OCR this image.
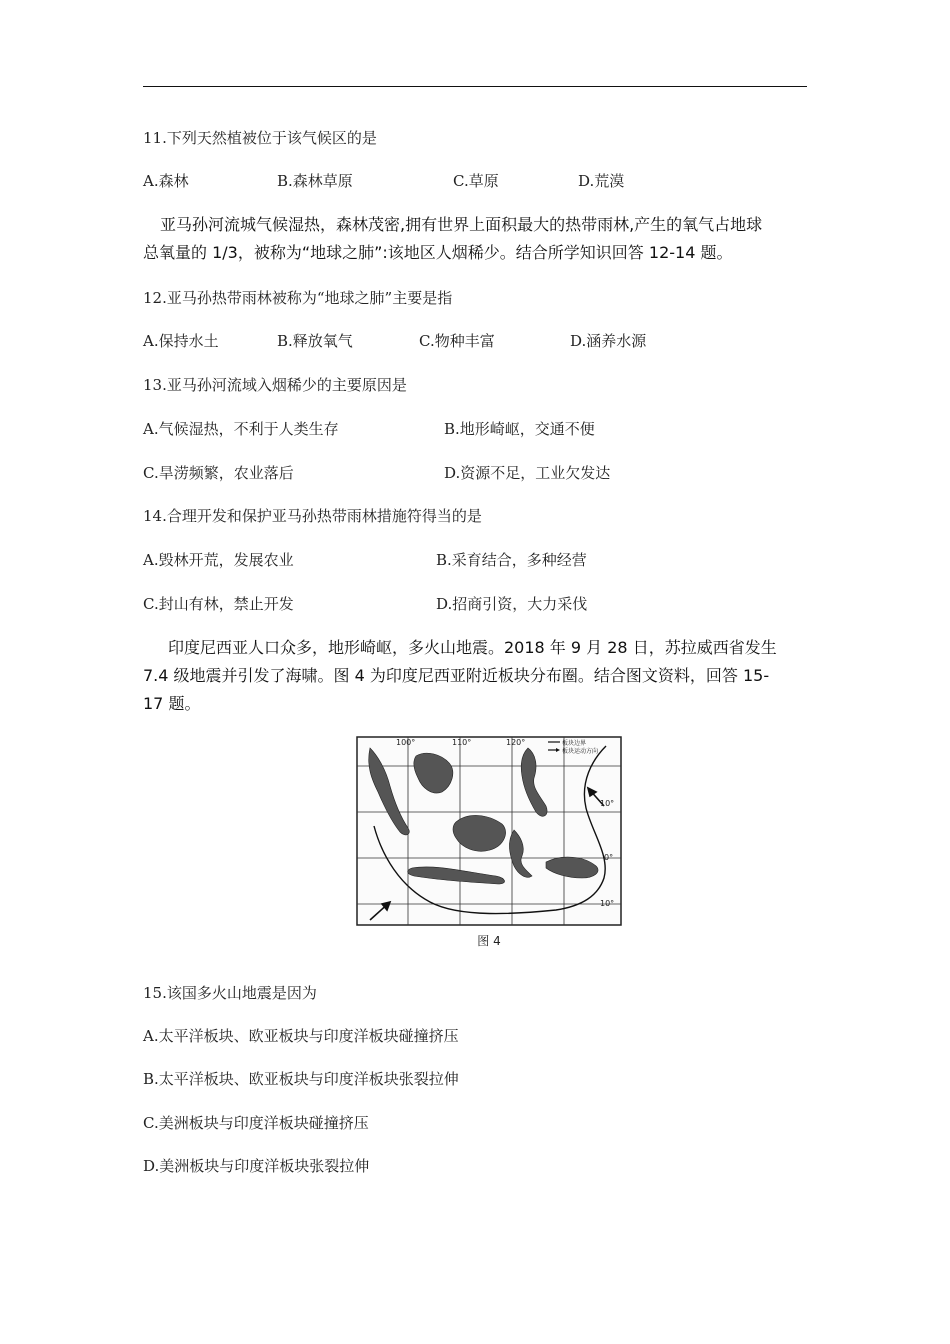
11.下列天然植被位于该气候区的是
A.森林	B.森林草原	C.草原	D.荒漠
亚马孙河流城气候湿热，森林茂密,拥有世界上面积最大的热带雨林,产生的氧气占地球
总氧量的 1/3，被称为“地球之肺”:该地区人烟稀少。结合所学知识回答 12-14 题。
12.亚马孙热带雨林被称为“地球之肺”主要是指
A.保持水土	B.释放氧气	C.物种丰富	D.涵养水源
13.亚马孙河流域入烟稀少的主要原因是
A.气候湿热，不利于人类生存	B.地形崎岖，交通不便
C.旱涝频繁，农业落后	D.资源不足，工业欠发达
14.合理开发和保护亚马孙热带雨林措施符得当的是
A.毁林开荒，发展农业	B.采育结合，多种经营
C.封山有林，禁止开发	D.招商引资，大力采伐
印度尼西亚人口众多，地形崎岖，多火山地震。2018 年 9 月 28 日，苏拉威西省发生
7.4 级地震并引发了海啸。图 4 为印度尼西亚附近板块分布圈。结合图文资料，回答 15-
17 题。
100°	110°	120°
10°
0°
10°
板块边界
板块运动方向
图 4
15.该国多火山地震是因为
A.太平洋板块、欧亚板块与印度洋板块碰撞挤压
B.太平洋板块、欧亚板块与印度洋板块张裂拉伸
C.美洲板块与印度洋板块碰撞挤压
D.美洲板块与印度洋板块张裂拉伸
